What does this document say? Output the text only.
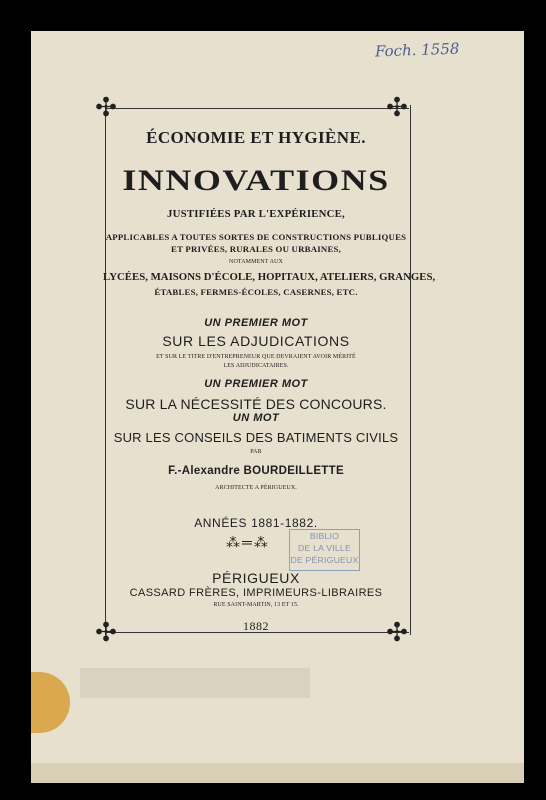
Foch. 1558
✣	✣
✣	✣
ÉCONOMIE ET HYGIÈNE.
INNOVATIONS
JUSTIFIÉES PAR L'EXPÉRIENCE,
APPLICABLES A TOUTES SORTES DE CONSTRUCTIONS PUBLIQUES
ET PRIVÉES, RURALES OU URBAINES,
NOTAMMENT AUX
LYCÉES, MAISONS D'ÉCOLE, HOPITAUX, ATELIERS, GRANGES,
ÉTABLES, FERMES-ÉCOLES, CASERNES, ETC.
UN PREMIER MOT
SUR LES ADJUDICATIONS
ET SUR LE TITRE D'ENTREPRENEUR QUE DEVRAIENT AVOIR MÉRITÉ
LES ADJUDICATAIRES.
UN PREMIER MOT
SUR LA NÉCESSITÉ DES CONCOURS.
UN MOT
SUR LES CONSEILS DES BATIMENTS CIVILS
PAR
F.-Alexandre BOURDEILLETTE
ARCHITECTE A PÉRIGUEUX.
ANNÉES 1881-1882.
⁂═⁂	BIBLIO
DE LA VILLE
DE PÉRIGUEUX
PÉRIGUEUX
CASSARD FRÈRES, IMPRIMEURS-LIBRAIRES
RUE SAINT-MARTIN, 13 ET 15.
1882
